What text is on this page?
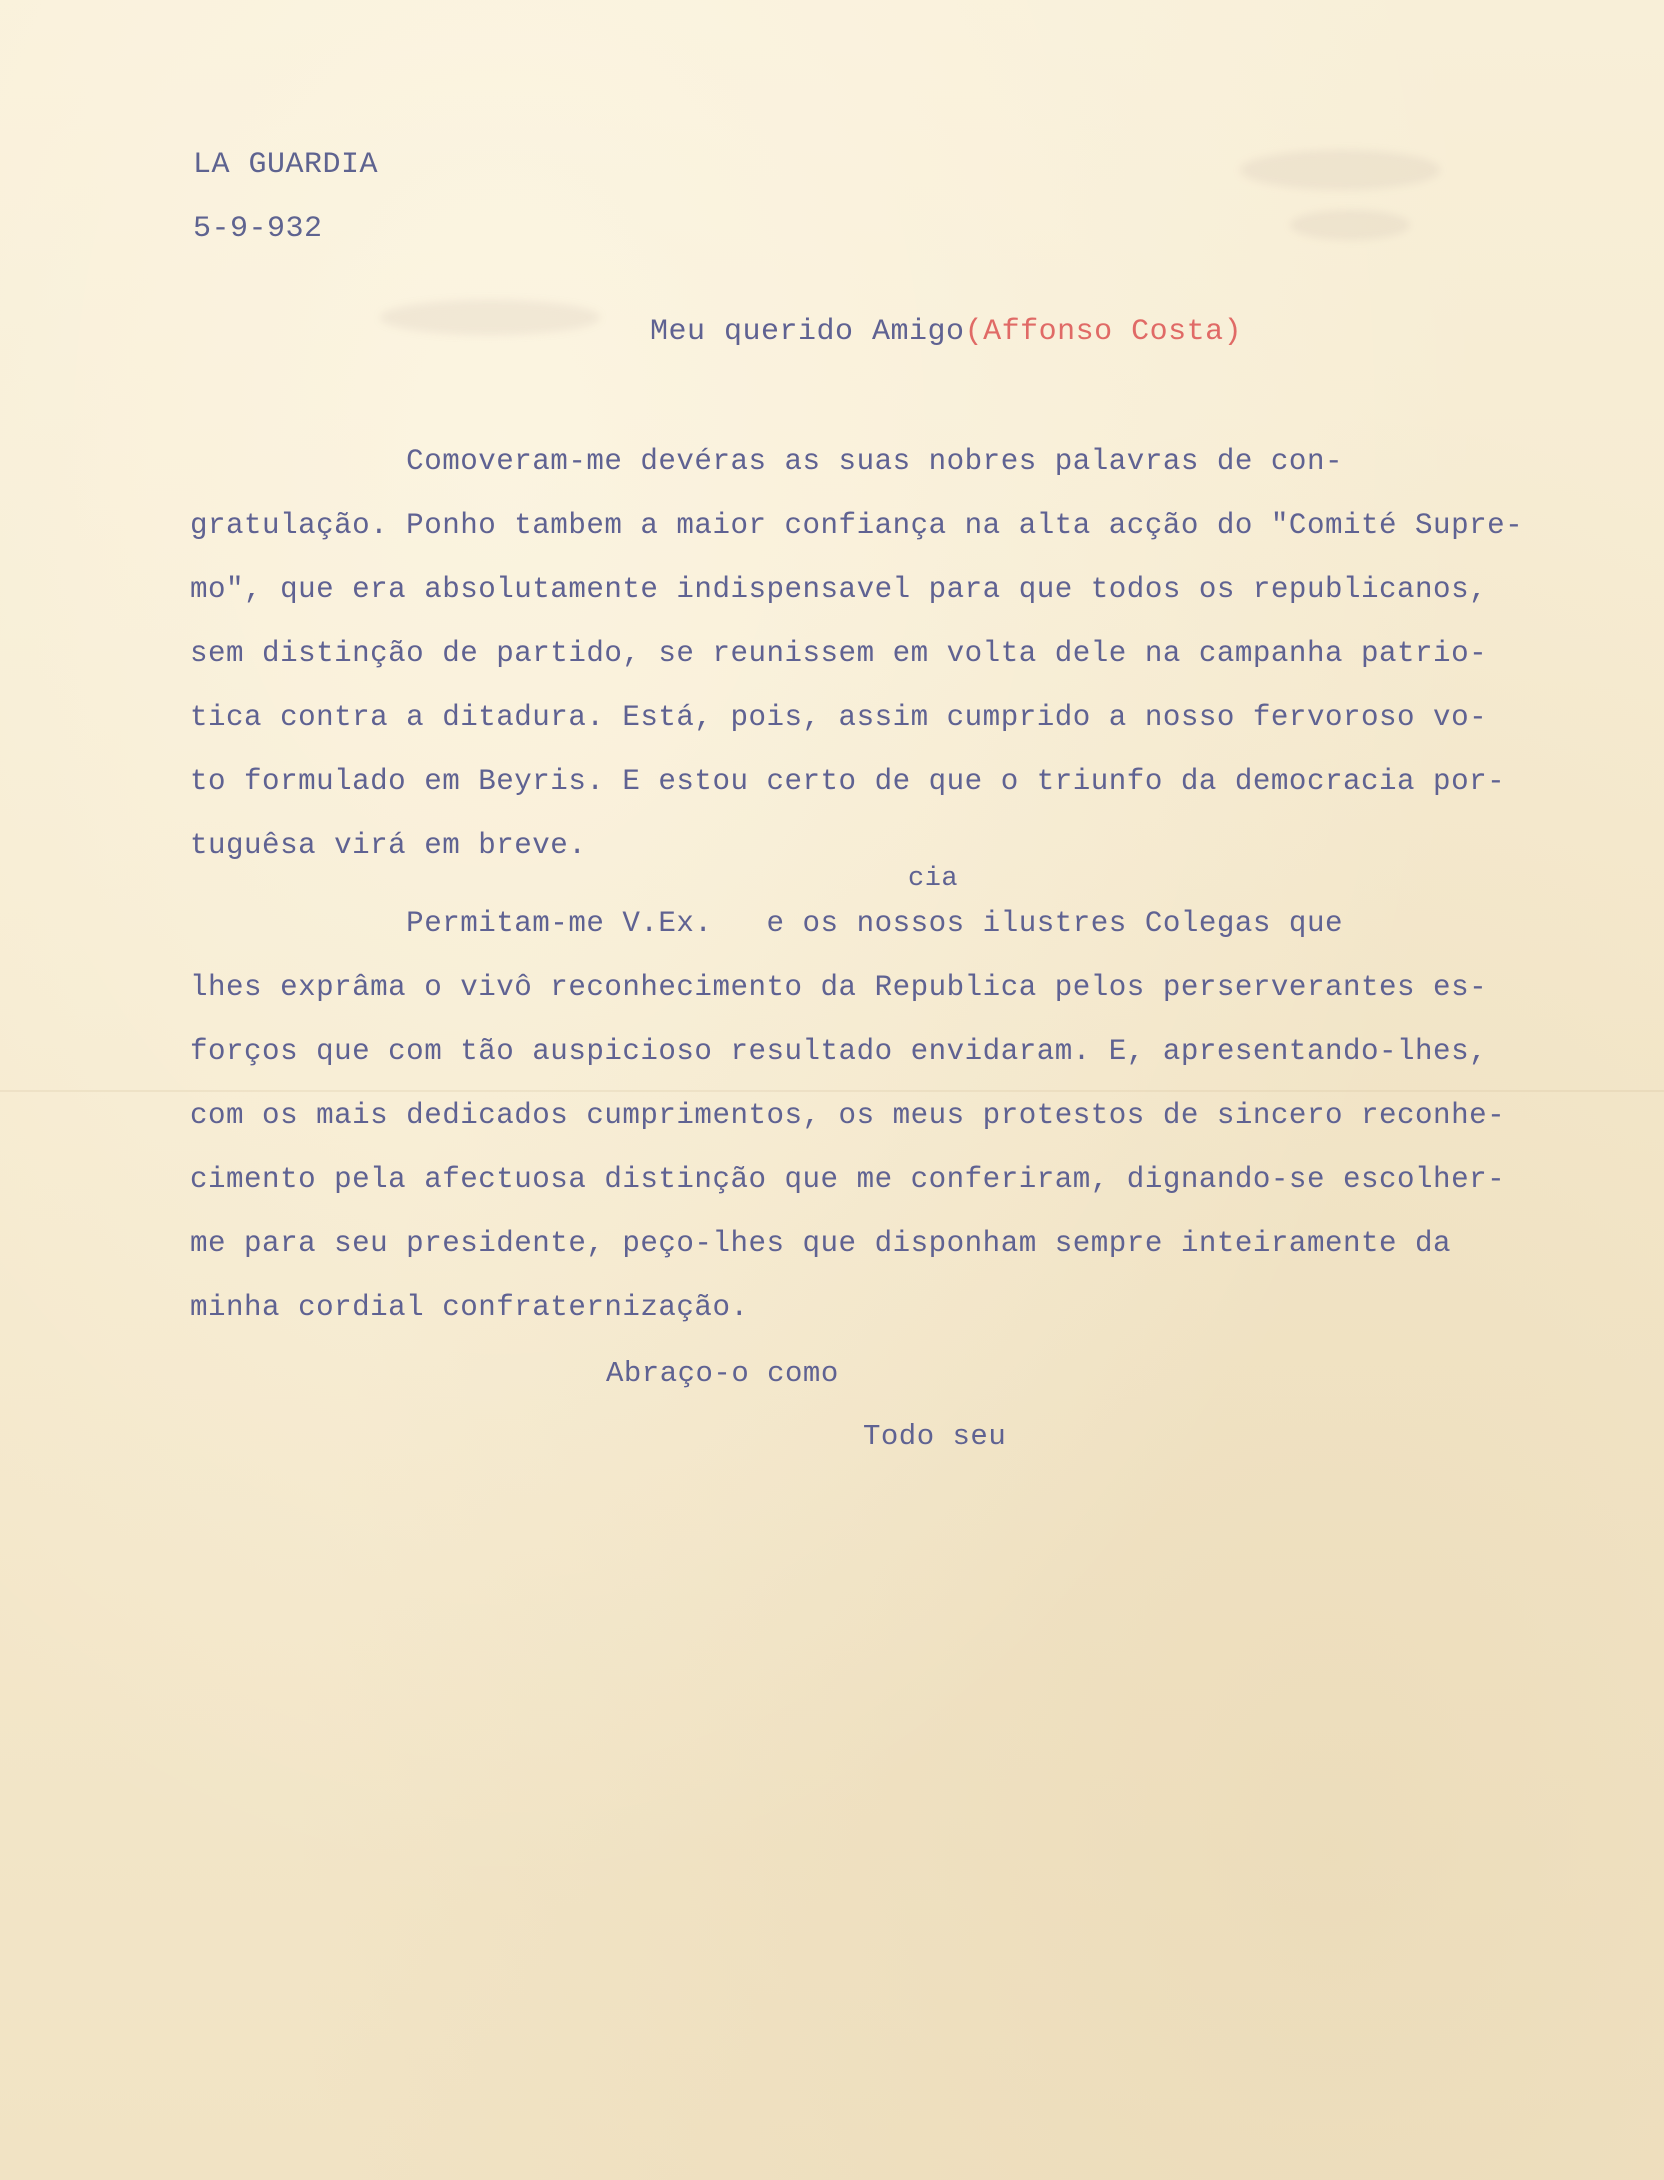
LA GUARDIA
5-9-932
Meu querido Amigo(Affonso Costa)
Comoveram-me devéras as suas nobres palavras de con-
gratulação. Ponho tambem a maior confiança na alta acção do "Comité Supre-
mo", que era absolutamente indispensavel para que todos os republicanos,
sem distinção de partido, se reunissem em volta dele na campanha patrio-
tica contra a ditadura. Está, pois, assim cumprido a nosso fervoroso vo-
to formulado em Beyris. E estou certo de que o triunfo da democracia por-
tuguêsa virá em breve.
cia
Permitam-me V.Ex.   e os nossos ilustres Colegas que
lhes exprâma o vivô reconhecimento da Republica pelos perserverantes es-
forços que com tão auspicioso resultado envidaram. E, apresentando-lhes,
com os mais dedicados cumprimentos, os meus protestos de sincero reconhe-
cimento pela afectuosa distinção que me conferiram, dignando-se escolher-
me para seu presidente, peço-lhes que disponham sempre inteiramente da
minha cordial confraternização.
Abraço-o como
Todo seu
